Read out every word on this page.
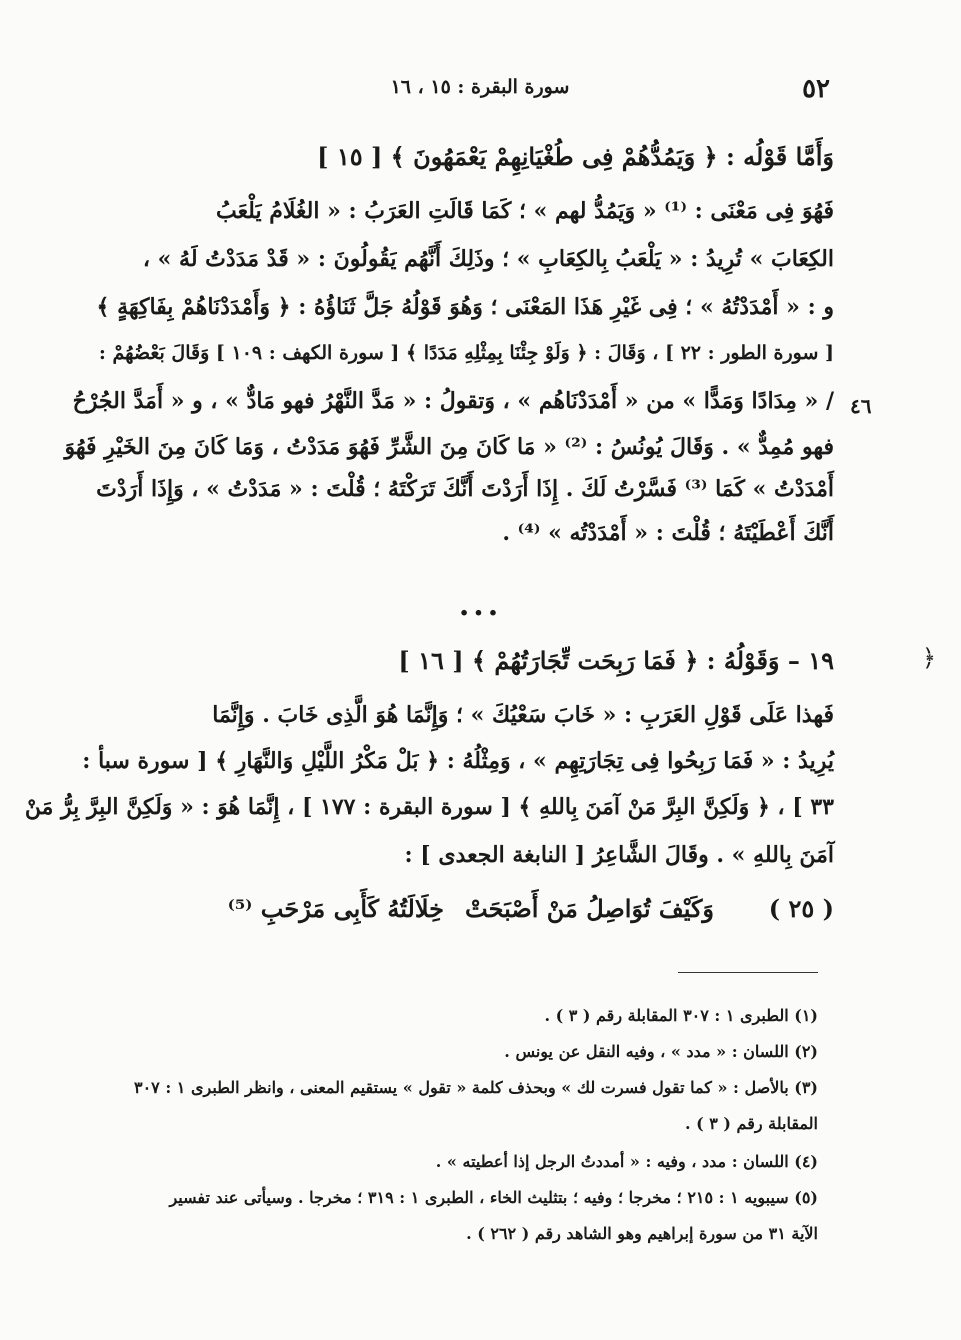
٥٢
سورة البقرة : ١٥ ، ١٦
وَأَمَّا قَوْلُه : ﴿ وَيَمُدُّهُمْ فِى طُغْيَانِهِمْ يَعْمَهُونَ ﴾ [ ١٥ ]
فَهُوَ فِى مَعْنَى : ⁽¹⁾ « وَيَمُدُّ لهم » ؛ كَمَا قَالَتِ العَرَبُ : « الغُلَامُ يَلْعَبُ
الكِعَابَ » تُرِيدُ : « يَلْعَبُ بِالكِعَابِ » ؛ وذَلِكَ أَنَّهُم يَقُولُونَ : « قَدْ مَدَدْتُ لَهُ » ،
و : « أَمْدَدْتُهُ » ؛ فِى غَيْرِ هَذَا المَعْنَى ؛ وَهُوَ قَوْلُهُ جَلَّ ثَنَاؤُهُ : ﴿ وَأَمْدَدْنَاهُمْ بِفَاكِهَةٍ ﴾
[ سورة الطور : ٢٢ ] ، وَقَالَ : ﴿ وَلَوْ جِئْنَا بِمِثْلِهِ مَدَدًا ﴾ [ سورة الكهف : ١٠٩ ] وَقَالَ بَعْضُهُمْ :
/ « مِدَادًا وَمَدًّا » من « أَمْدَدْنَاهُم » ، وَتقولُ : « مَدَّ النَّهْرُ فهو مَادٌّ » ، و « أَمَدَّ الجُرْحُ
فهو مُمِدٌّ » . وَقَالَ يُونُسُ : ⁽²⁾ « مَا كَانَ مِنَ الشَّرِّ فَهُوَ مَدَدْتُ ، وَمَا كَانَ مِنَ الخَيْرِ فَهُوَ
أَمْدَدْتُ » كَمَا ⁽³⁾ فَسَّرْتُ لَكَ . إِذَا أَرَدْتَ أَنَّكَ تَرَكْتَهُ ؛ قُلْتَ : « مَدَدْتُ » ، وَإِذَا أَرَدْتَ
أَنَّكَ أَعْطَيْتَهُ ؛ قُلْتَ : « أَمْدَدْتُه » ⁽⁴⁾ .
٤٦
...
﴿
١٩ – وَقَوْلُهُ : ﴿ فَمَا رَبِحَت تِّجَارَتُهُمْ ﴾ [ ١٦ ]
فَهذا عَلَى قَوْلِ العَرَبِ : « خَابَ سَعْيُكَ » ؛ وَإِنَّمَا هُوَ الَّذِى خَابَ . وَإِنَّمَا
يُرِيدُ : « فَمَا رَبِحُوا فِى تِجَارَتِهِم » ، وَمِثْلُهُ : ﴿ بَلْ مَكْرُ اللَّيْلِ وَالنَّهَارِ ﴾ [ سورة سبأ :
٣٣ ] ، ﴿ وَلَكِنَّ البِرَّ مَنْ آمَنَ بِاللهِ ﴾ [ سورة البقرة : ١٧٧ ] ، إِنَّمَا هُوَ : « وَلَكِنَّ البِرَّ بِرُّ مَنْ
آمَنَ بِاللهِ » . وقَالَ الشَّاعِرُ [ النابغة الجعدى ] :
( ٢٥ )
وَكَيْفَ تُوَاصِلُ مَنْ أَصْبَحَتْ
خِلَالَتُهُ كَأَبِى مَرْحَبِ ⁽⁵⁾
(١) الطبرى ١ : ٣٠٧ المقابلة رقم ( ٣ ) .
(٢) اللسان : « مدد » ، وفيه النقل عن يونس .
(٣) بالأصل : « كما تقول فسرت لك » وبحذف كلمة « تقول » يستقيم المعنى ، وانظر الطبرى ١ : ٣٠٧
المقابلة رقم ( ٣ ) .
(٤) اللسان : مدد ، وفيه : « أمددتُ الرجل إذا أعطيته » .
(٥) سيبويه ١ : ٢١٥ ؛ مخرجا ؛ وفيه ؛ بتثليث الخاء ، الطبرى ١ : ٣١٩ ؛ مخرجا . وسيأتى عند تفسير
الآية ٣١ من سورة إبراهيم وهو الشاهد رقم ( ٢٦٢ ) .
